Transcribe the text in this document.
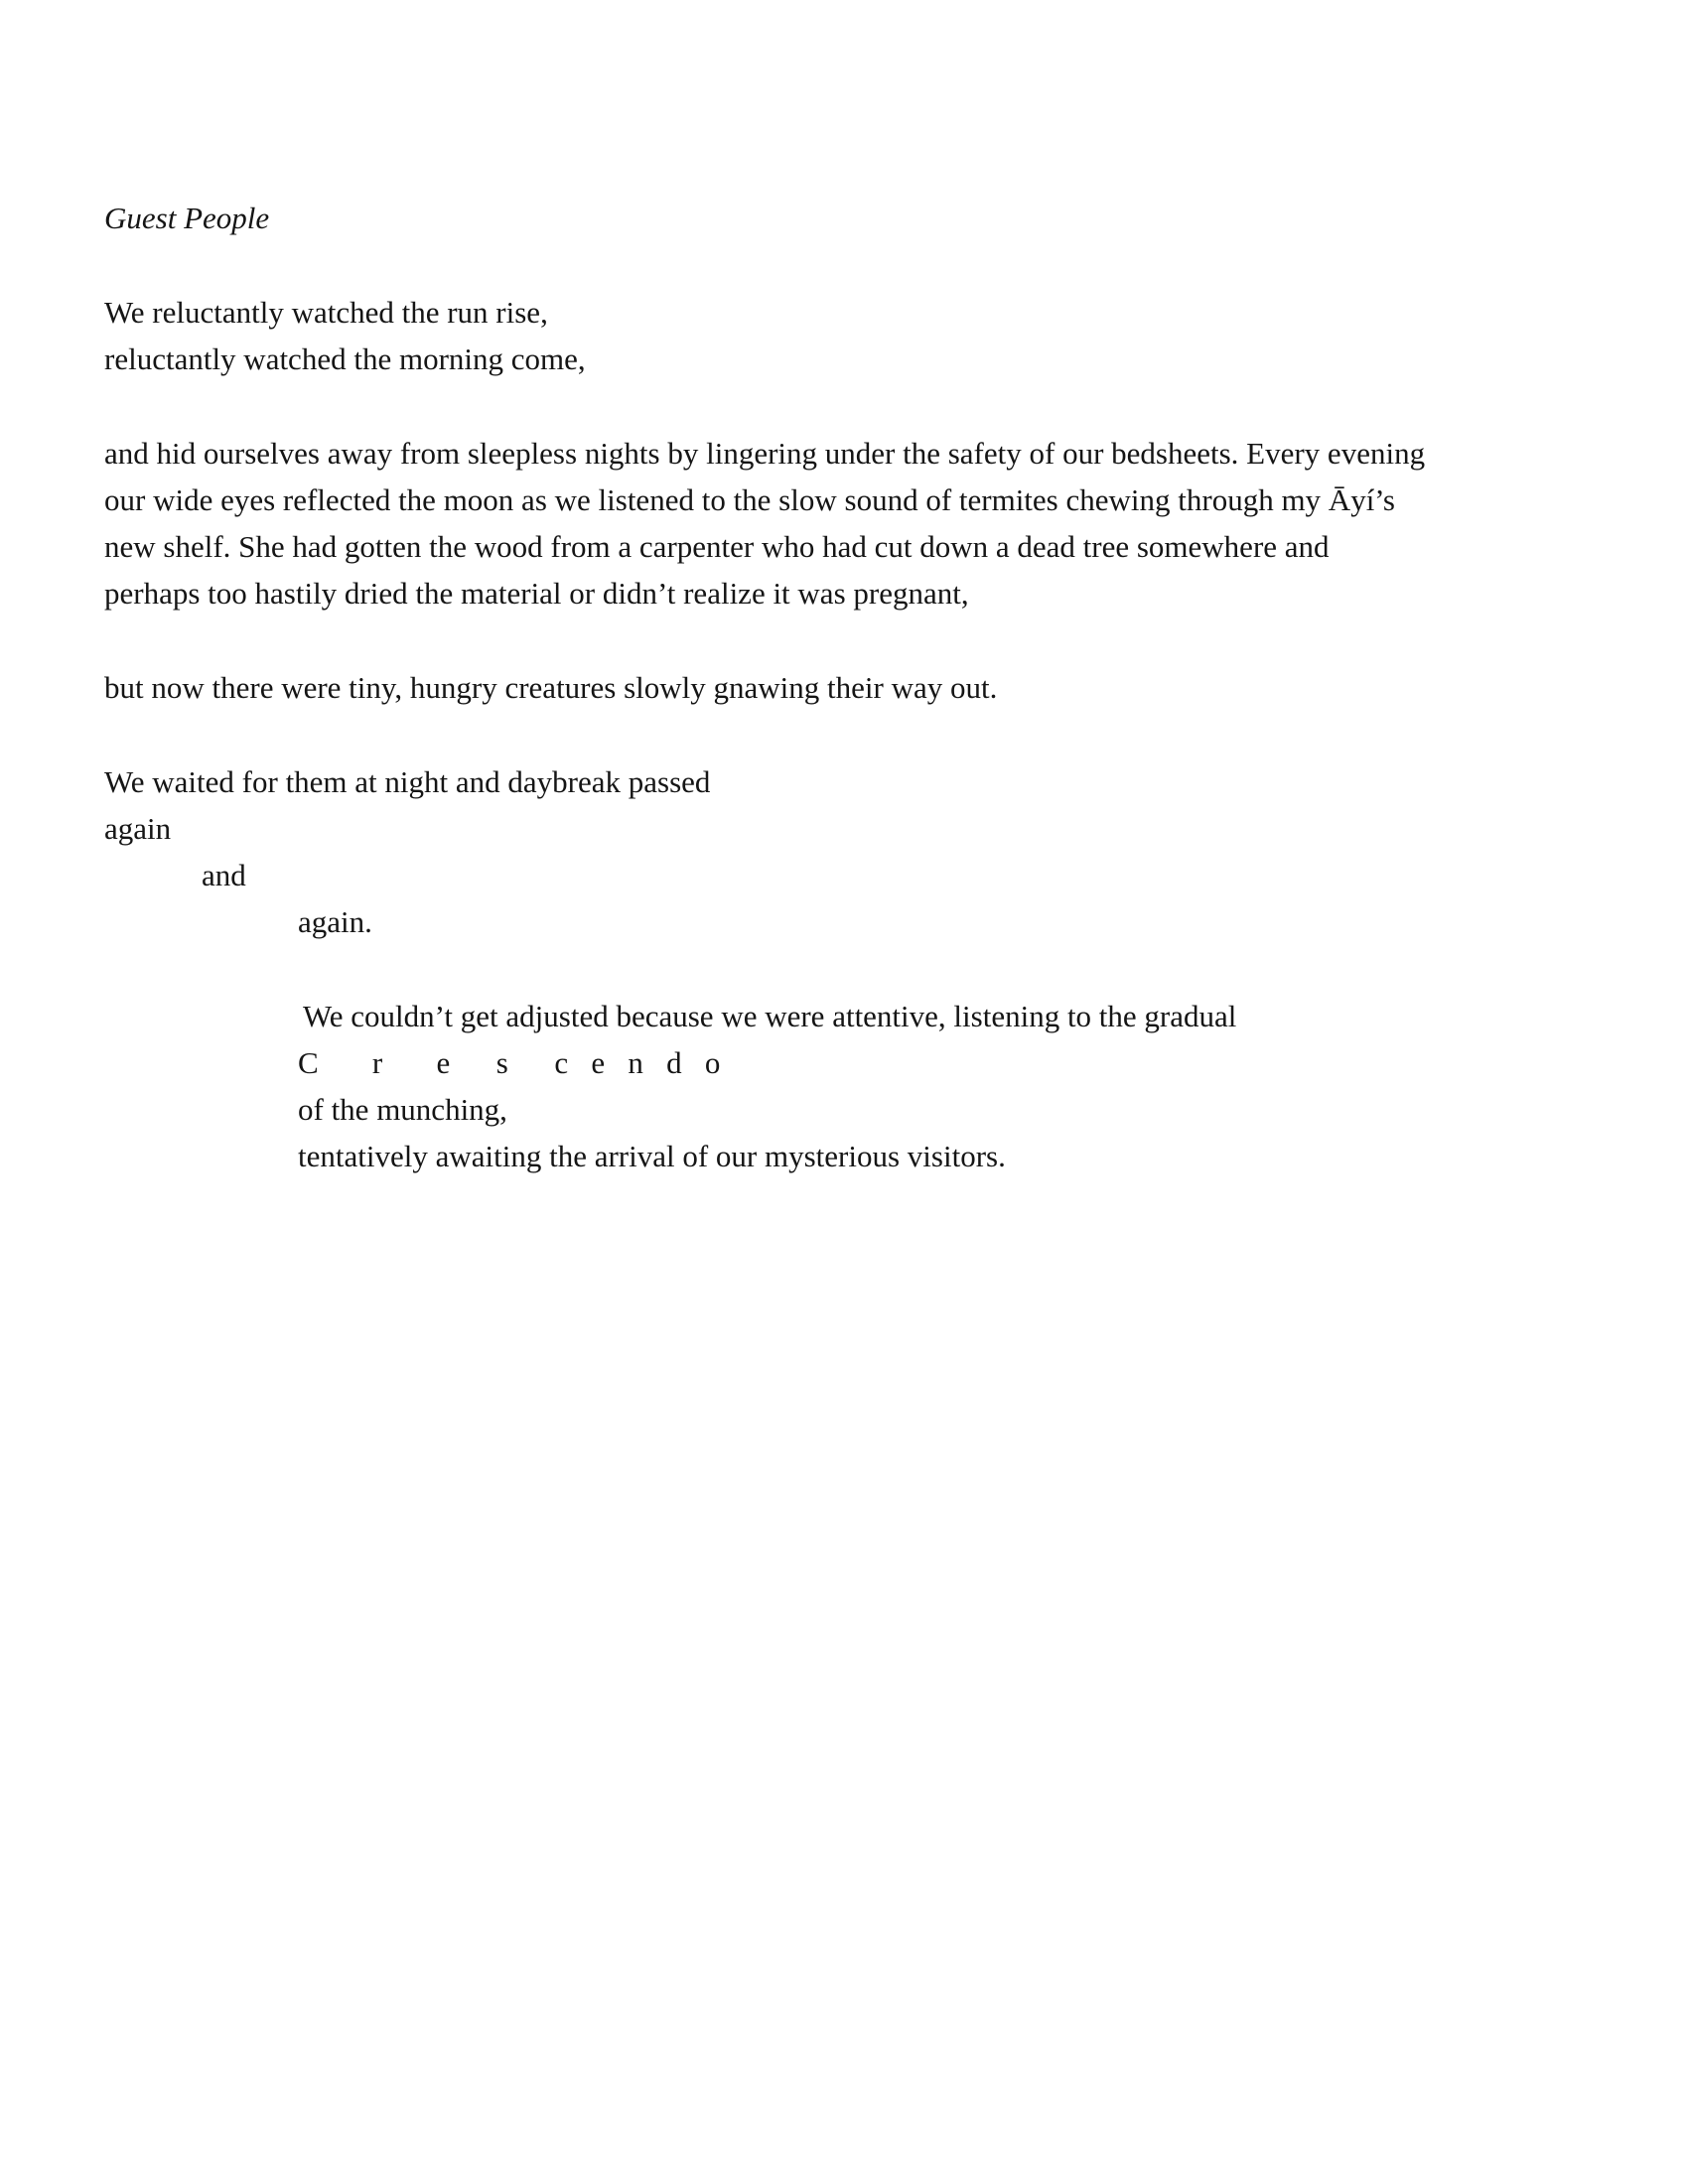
Guest People
We reluctantly watched the run rise,
reluctantly watched the morning come,
and hid ourselves away from sleepless nights by lingering under the safety of our bedsheets. Every evening
our wide eyes reflected the moon as we listened to the slow sound of termites chewing through my Āyí’s
new shelf. She had gotten the wood from a carpenter who had cut down a dead tree somewhere and
perhaps too hastily dried the material or didn’t realize it was pregnant,
but now there were tiny, hungry creatures slowly gnawing their way out.
We waited for them at night and daybreak passed
again
and
again.
We couldn’t get adjusted because we were attentive, listening to the gradual
C       r       e      s      c   e   n   d   o
of the munching,
tentatively awaiting the arrival of our mysterious visitors.
